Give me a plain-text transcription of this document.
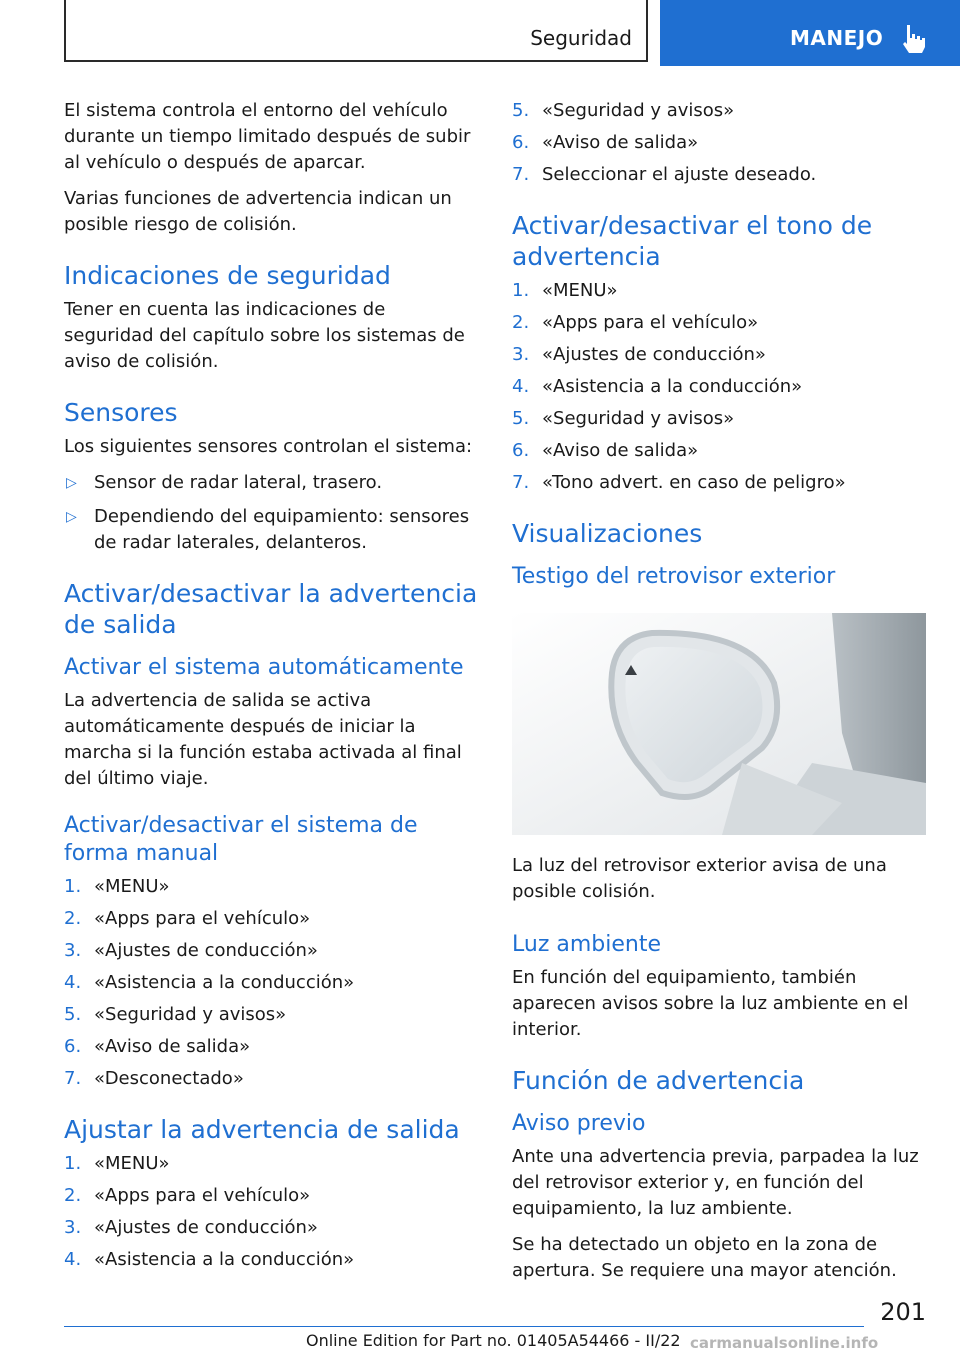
Seguridad	MANEJO

El sistema controla el entorno del vehículo durante un tiempo limitado después de subir al vehículo o después de aparcar.

Varias funciones de advertencia indican un posible riesgo de colisión.

Indicaciones de seguridad

Tener en cuenta las indicaciones de seguridad del capítulo sobre los sistemas de aviso de colisión.

Sensores

Los siguientes sensores controlan el sistema:

▷ Sensor de radar lateral, trasero.
▷ Dependiendo del equipamiento: sensores de radar laterales, delanteros.
Activar/desactivar la advertencia de salida
Activar el sistema automáticamente

La advertencia de salida se activa automáticamente después de iniciar la marcha si la función estaba activada al final del último viaje.

Activar/desactivar el sistema de forma manual
1. «MENU»
2. «Apps para el vehículo»
3. «Ajustes de conducción»
4. «Asistencia a la conducción»
5. «Seguridad y avisos»
6. «Aviso de salida»
7. «Desconectado»
Ajustar la advertencia de salida
1. «MENU»
2. «Apps para el vehículo»
3. «Ajustes de conducción»
4. «Asistencia a la conducción»
5. «Seguridad y avisos»
6. «Aviso de salida»
7. Seleccionar el ajuste deseado.
Activar/desactivar el tono de advertencia
1. «MENU»
2. «Apps para el vehículo»
3. «Ajustes de conducción»
4. «Asistencia a la conducción»
5. «Seguridad y avisos»
6. «Aviso de salida»
7. «Tono advert. en caso de peligro»
Visualizaciones
Testigo del retrovisor exterior

La luz del retrovisor exterior avisa de una posible colisión.

Luz ambiente

En función del equipamiento, también aparecen avisos sobre la luz ambiente en el interior.

Función de advertencia
Aviso previo

Ante una advertencia previa, parpadea la luz del retrovisor exterior y, en función del equipamiento, la luz ambiente.

Se ha detectado un objeto en la zona de apertura. Se requiere una mayor atención.

201
Online Edition for Part no. 01405A54466 - II/22 carmanualsonline.info
